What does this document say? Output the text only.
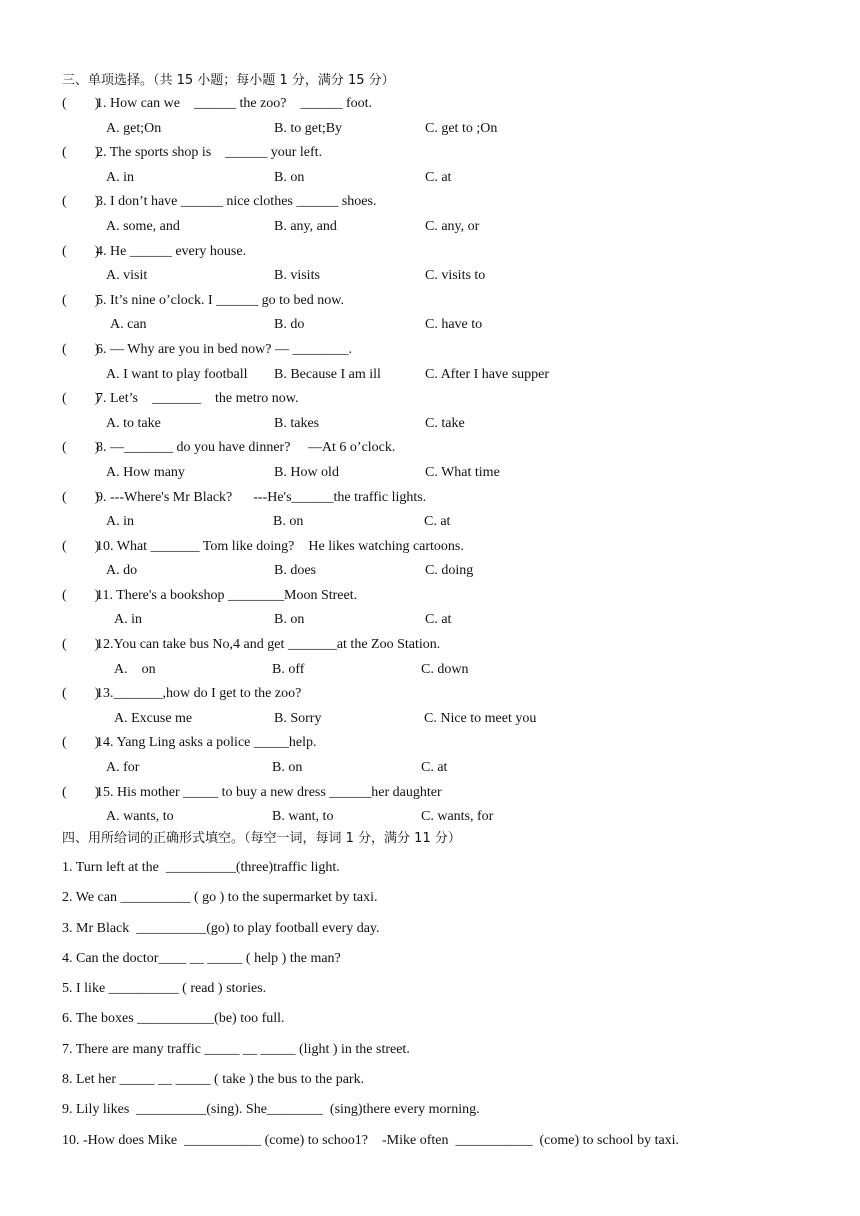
三、单项选择。（共 15 小题；每小题 1 分，满分 15 分）
(        )
1. How can we    ______ the zoo?    ______ foot.
A. get;On	B. to get;By	C. get to ;On
(        )
2. The sports shop is    ______ your left.
A. in	B. on	C. at
(        )
3. I don’t have ______ nice clothes ______ shoes.
A. some, and	B. any, and	C. any, or
(        )
4. He ______ every house.
A. visit	B. visits	C. visits to
(        )
5. It’s nine o’clock. I ______ go to bed now.
A. can	B. do	C. have to
(        )
6. — Why are you in bed now? — ________.
A. I want to play football B. Because I am ill	C. After I have supper
(        )
7. Let’s    _______    the metro now.
A. to take	B. takes	C. take
(        )
8. —_______ do you have dinner?     —At 6 o’clock.
A. How many	B. How old	C. What time
(        )
9. ---Where's Mr Black?      ---He's______the traffic lights.
A. in	B. on	C. at
(        )
10. What _______ Tom like doing?    He likes watching cartoons.
A. do	B. does	C. doing
(        )
11. There's a bookshop ________Moon Street.
A. in	B. on	C. at
(        )
12.You can take bus No,4 and get _______at the Zoo Station.
A.    on	B. off	C. down
(        )
13._______,how do I get to the zoo?
A. Excuse me	B. Sorry	C. Nice to meet you
(        )
14. Yang Ling asks a police _____help.
A. for	B. on	C. at
(        )
15. His mother _____ to buy a new dress ______her daughter
A. wants, to	B. want, to	C. wants, for
四、用所给词的正确形式填空。（每空一词，每词 1 分，满分 11 分）
1. Turn left at the  __________(three)traffic light.
2. We can __________ ( go ) to the supermarket by taxi.
3. Mr Black  __________(go) to play football every day.
4. Can the doctor____ __ _____ ( help ) the man?
5. I like __________ ( read ) stories.
6. The boxes ___________(be) too full.
7. There are many traffic _____ __ _____ (light ) in the street.
8. Let her _____ __ _____ ( take ) the bus to the park.
9. Lily likes  __________(sing). She________  (sing)there every morning.
10. -How does Mike  ___________ (come) to schoo1?    -Mike often  ___________  (come) to school by taxi.
